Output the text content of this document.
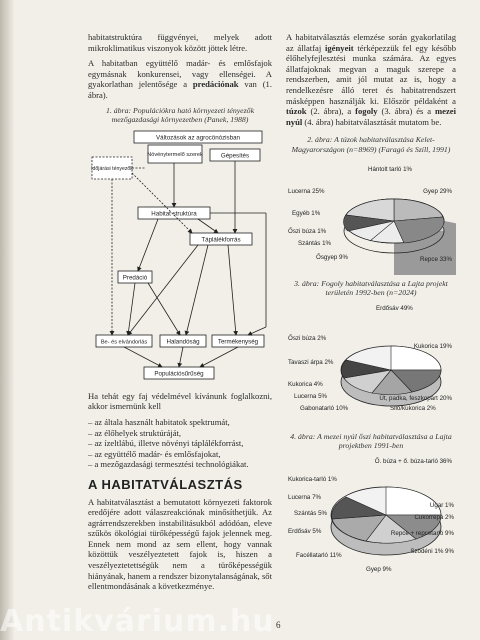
habitatstruktúra függvényei, melyek adott mikroklimatikus viszonyok között jöttek létre.

A habitatban együttélő madár- és emlősfajok egymásnak konkurensei, vagy ellenségei. A gyakorlathan jelentősége a predációnak van (1. ábra).

1. ábra: Populációkra ható környezeti tényezők mezőgazdasági környezetben (Panek, 1988)
Változások az agrocönózisban
Növénytermelő szerek	Gépesítés
Időjárási tényezők
Habitat struktúra
Táplálékforrás
Predáció
Be- és elvándorlás	Halandóság	Termékenység
Populációsűrűség

Ha tehát egy faj védelmével kívánunk foglalkozni, akkor ismernünk kell

– az általa használt habitatok spektrumát,
– az élőhelyek struktúráját,
– az ízeltlábú, illetve növényi táplálékforrást,
– az együttélő madár- és emlősfajokat,
– a mezőgazdasági termesztési technológiákat.
A HABITATVÁLASZTÁS

A habitatválasztást a bemutatott környezeti faktorok eredőjére adott válaszreakciónak minősíthetjük. Az agrárrendszerekben instabilitásukból adódóan, eleve szűkös ökológiai türőképességű fajok jelennek meg. Ennek nem mond az sem ellent, hogy vannak közöttük veszélyeztetett fajok is, hiszen a veszélyeztetettségük nem a türőképességük hiányának, hanem a rendszer bizonytalanságának, sőt ellentmondásának a következménye.

A habitatválasztás elemzése során gyakorlatilag az állatfaj igényeit térképezzük fel egy később élőhelyfejlesztési munka számára. Az egyes állatfajoknak megvan a maguk szerepe a rendszerben, amit jól mutat az is, hogy a rendelkezésre álló teret és habitatrendszert másképpen használják ki. Először példaként a túzok (2. ábra), a fogoly (3. ábra) és a mezei nyúl (4. ábra) habitatválasztását mutatom be.

2. ábra: A túzok habitatválasztása Kelet-Magyarországon (n=8969) (Faragó és Szíll, 1991)
Hántolt tarló 1%
Gyep 29%
Lucerna 25%
Egyéb 1%
Őszi búza 1%
Szántás 1%
Ősgyep 9%	Repce 33%
3. ábra: Fogoly habitatválasztása a Lajta projekt területén 1992-ben (n=2024)
Erdősáv 49%
Őszi búza 2%
Kukorica 19%
Tavaszi árpa 2%
Kukorica 4%
Lucerna 5%	Út, padka, feszkopart 20%
Gabonatarló 10%	Siló/kukorica 2%
4. ábra: A mezei nyúl őszi habitatválasztása a Lajta projektben 1991-ben
Ő. búza + ő. búza-tarló 36%
Kukorica-tarló 1%
Lucerna 7%
Szántás 5%
Erdősáv 5%
Ugar 1%
Cukorrépa 2%
Repce + repcetarló 9%
Szödéni 1% 9%
Facéllatarló 11%
Gyep 9%
6
Antikvárium.hu
